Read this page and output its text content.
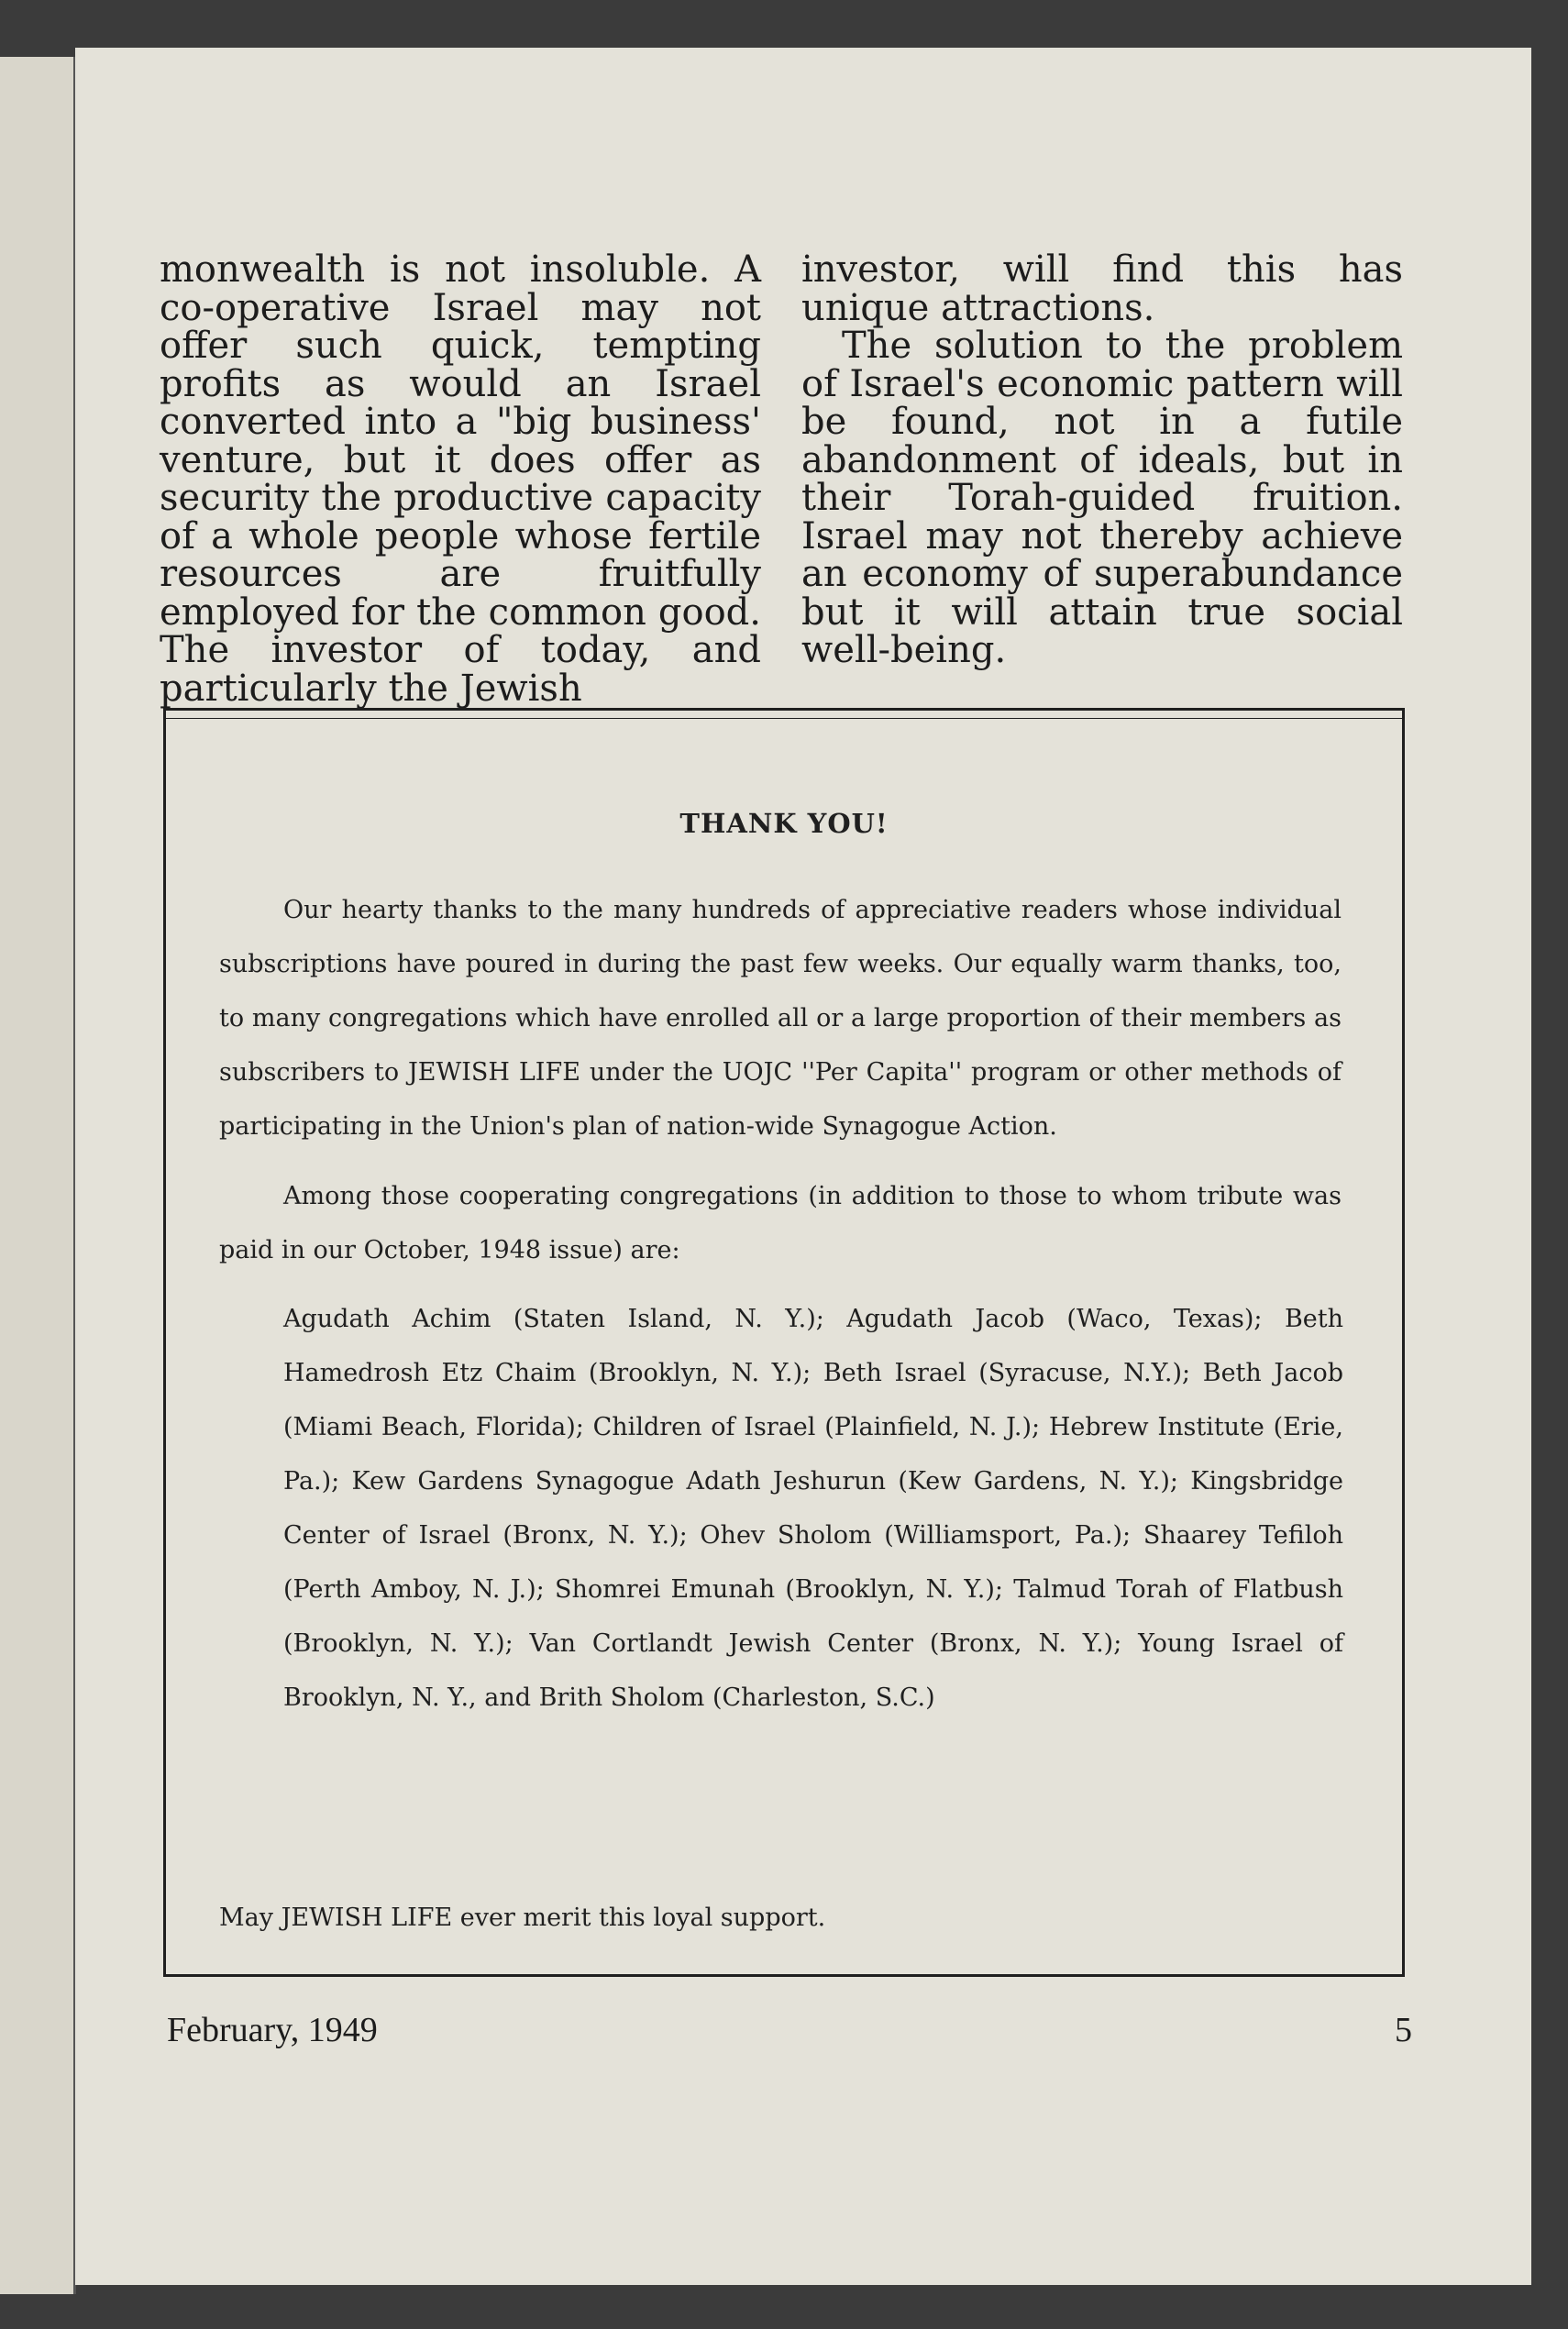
monwealth is not insoluble. A co-operative Israel may not offer such quick, tempting profits as would an Israel converted into a "big business' venture, but it does offer as security the productive capacity of a whole people whose fertile resources are fruitfully employed for the common good. The investor of today, and particularly the Jewish

investor, will find this has unique attractions.

The solution to the problem of Israel's economic pattern will be found, not in a futile abandonment of ideals, but in their Torah-guided fruition. Israel may not thereby achieve an economy of superabundance but it will attain true social well-being.

THANK YOU!

Our hearty thanks to the many hundreds of appreciative readers whose individual subscriptions have poured in during the past few weeks. Our equally warm thanks, too, to many congregations which have enrolled all or a large proportion of their members as subscribers to JEWISH LIFE under the UOJC ''Per Capita'' program or other methods of participating in the Union's plan of nation-wide Synagogue Action.

Among those cooperating congregations (in addition to those to whom tribute was paid in our October, 1948 issue) are:

Agudath Achim (Staten Island, N. Y.); Agudath Jacob (Waco, Texas); Beth Hamedrosh Etz Chaim (Brooklyn, N. Y.); Beth Israel (Syracuse, N.Y.); Beth Jacob (Miami Beach, Florida); Children of Israel (Plainfield, N. J.); Hebrew Institute (Erie, Pa.); Kew Gardens Synagogue Adath Jeshurun (Kew Gardens, N. Y.); Kingsbridge Center of Israel (Bronx, N. Y.); Ohev Sholom (Williamsport, Pa.); Shaarey Tefiloh (Perth Amboy, N. J.); Shomrei Emunah (Brooklyn, N. Y.); Talmud Torah of Flatbush (Brooklyn, N. Y.); Van Cortlandt Jewish Center (Bronx, N. Y.); Young Israel of Brooklyn, N. Y., and Brith Sholom (Charleston, S.C.)

May JEWISH LIFE ever merit this loyal support.

February, 1949	5
